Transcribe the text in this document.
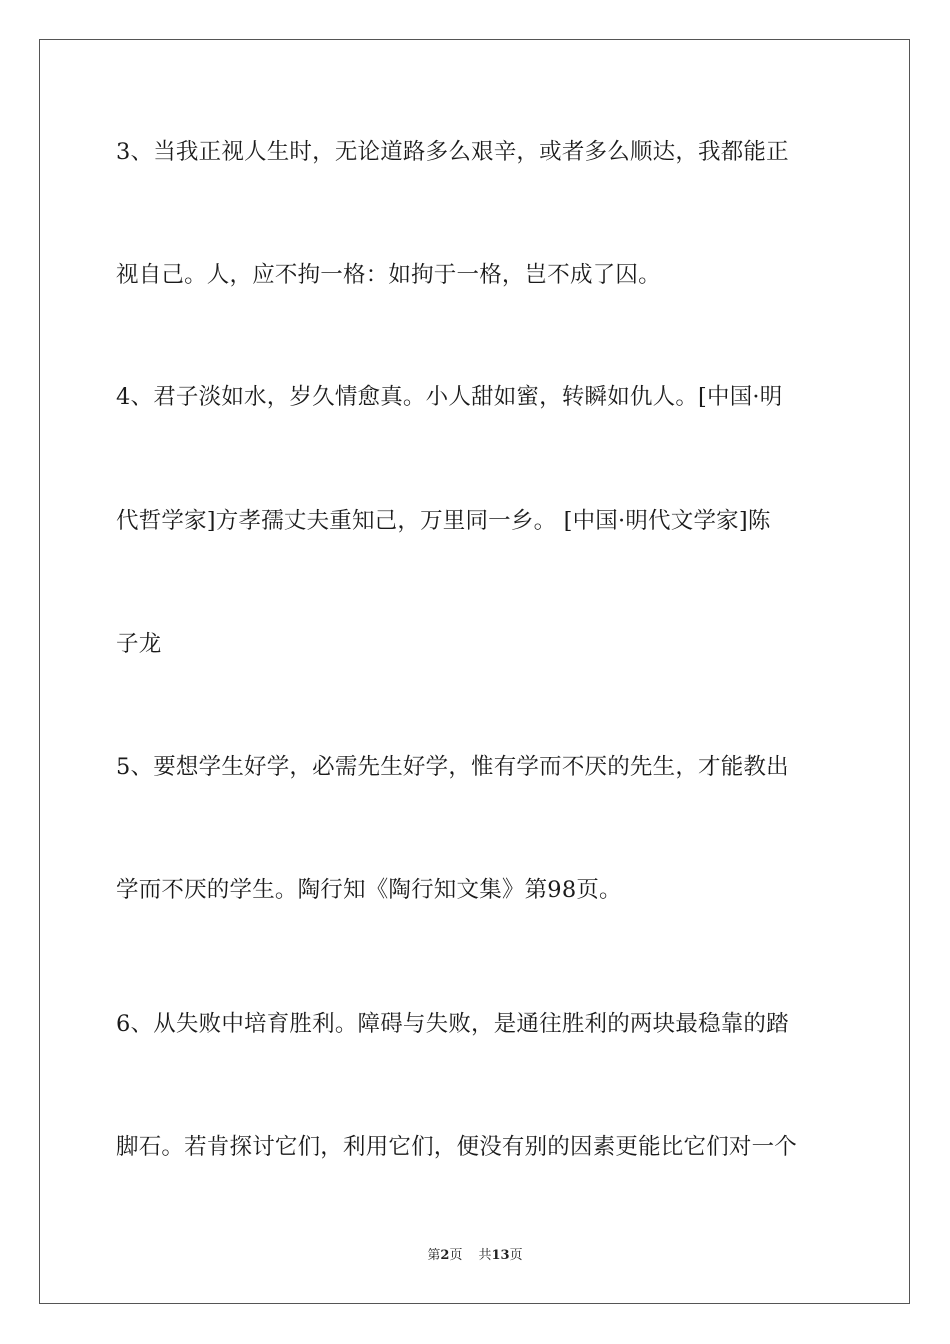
3、当我正视人生时，无论道路多么艰辛，或者多么顺达，我都能正
视自己。人，应不拘一格：如拘于一格，岂不成了囚。
4、君子淡如水，岁久情愈真。小人甜如蜜，转瞬如仇人。[中国·明
代哲学家]方孝孺丈夫重知己，万里同一乡。 [中国·明代文学家]陈
子龙
5、要想学生好学，必需先生好学，惟有学而不厌的先生，才能教出
学而不厌的学生。陶行知《陶行知文集》第98页。
6、从失败中培育胜利。障碍与失败，是通往胜利的两块最稳靠的踏
脚石。若肯探讨它们，利用它们，便没有别的因素更能比它们对一个
第2页 共13页
